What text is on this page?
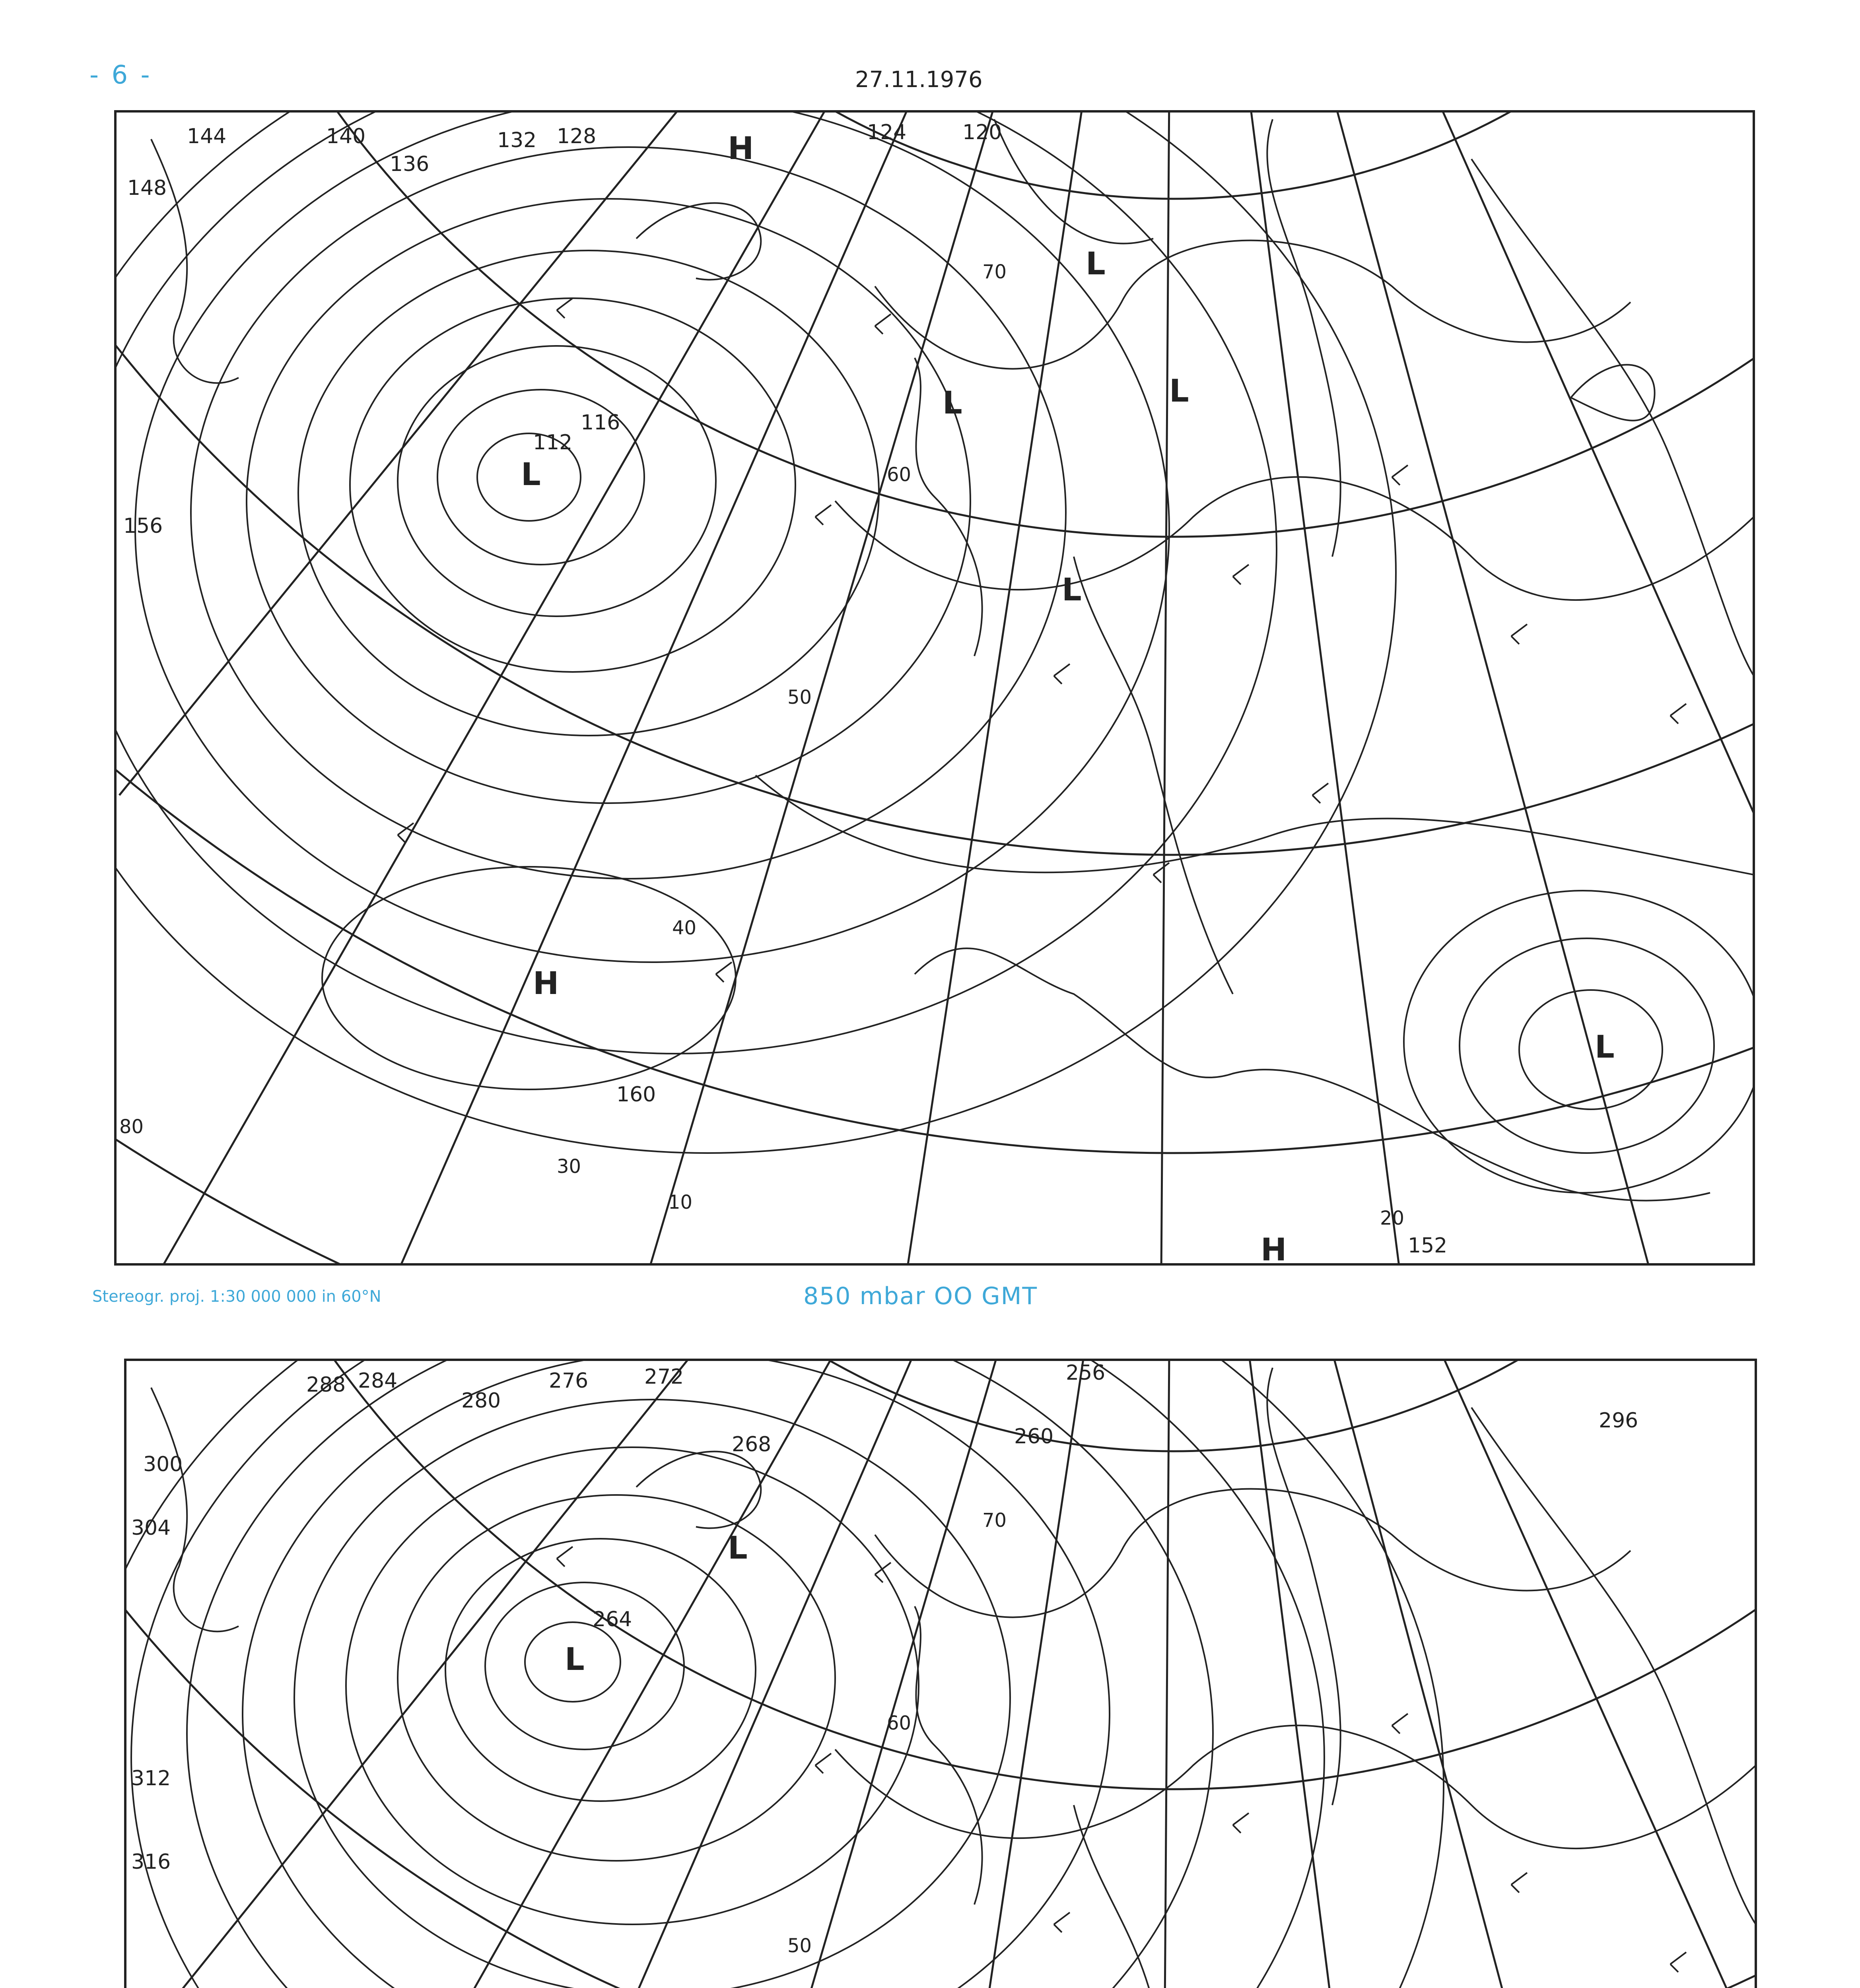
- 6 -	27.11.1976
144	140
136
132 128	124	120
116
112
156
160
152
148
H
L
L
L
L
L
H
L
H
70
60
50
40
30
20
10
80
Stereogr. proj. 1:30 000 000 in 60°N	850 mbar OO GMT
296
288 284
280
276	272
268
264
260
256
300
304
312
316
L
L
70
60
50
